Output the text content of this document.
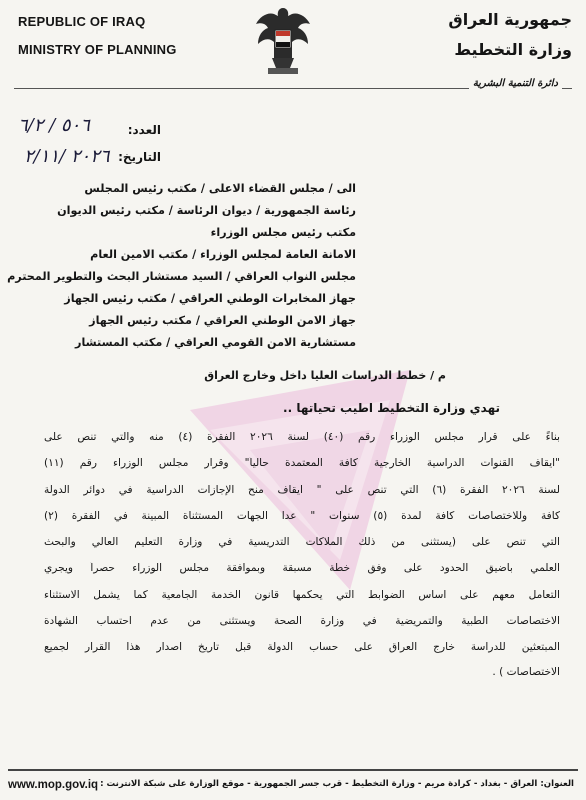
REPUBLIC OF IRAQ
MINISTRY OF PLANNING
جمهورية العراق
وزارة التخطيط
دائرة التنمية البشرية
العدد:
٥٠٦ / ٦/٢
التاريخ:
٢٠٢٦ /٢/١١
الى / مجلس القضاء الاعلى / مكتب رئيس المجلس
رئاسة الجمهورية / ديوان الرئاسة / مكتب رئيس الديوان
مكتب رئيس مجلس الوزراء
الامانة العامة لمجلس الوزراء / مكتب الامين العام
مجلس النواب العراقي / السيد مستشار البحث والتطوير المحترم
جهاز المخابرات الوطني العراقي / مكتب رئيس الجهاز
جهاز الامن الوطني العراقي / مكتب رئيس الجهاز
مستشارية الامن القومي العراقي / مكتب المستشار
م / خطط الدراسات العليا داخل وخارج العراق
تهدي وزارة التخطيط اطيب تحياتها ..
بناءً على قرار مجلس الوزراء رقم (٤٠) لسنة ٢٠٢٦ الفقرة (٤) منه والتي تنص على
"ايقاف القنوات الدراسية الخارجية كافة المعتمدة حالياً" وقرار مجلس الوزراء رقم (١١)
لسنة ٢٠٢٦ الفقرة (٦) التي تنص على " ايقاف منح الإجازات الدراسية في دوائر الدولة
كافة وللاختصاصات كافة لمدة (٥) سنوات " عدا الجهات المستثناة المبينة في الفقرة (٢)
التي تنص على (يستثنى من ذلك الملاكات التدريسية في وزارة التعليم العالي والبحث
العلمي باضيق الحدود على وفق خطة مسبقة وبموافقة مجلس الوزراء حصراً ويجري
التعامل معهم على اساس الضوابط التي يحكمها قانون الخدمة الجامعية كما يشمل الاستثناء
الاختصاصات الطبية والتمريضية في وزارة الصحة ويستثنى من عدم احتساب الشهادة
المبتعثين للدراسة خارج العراق على حساب الدولة قبل تاريخ اصدار هذا القرار لجميع
الاختصاصات ) .
www.mop.gov.iq العنوان: العراق - بغداد - كرادة مريم - وزارة التخطيط - قرب جسر الجمهورية - موقع الوزارة على شبكة الانترنت :
